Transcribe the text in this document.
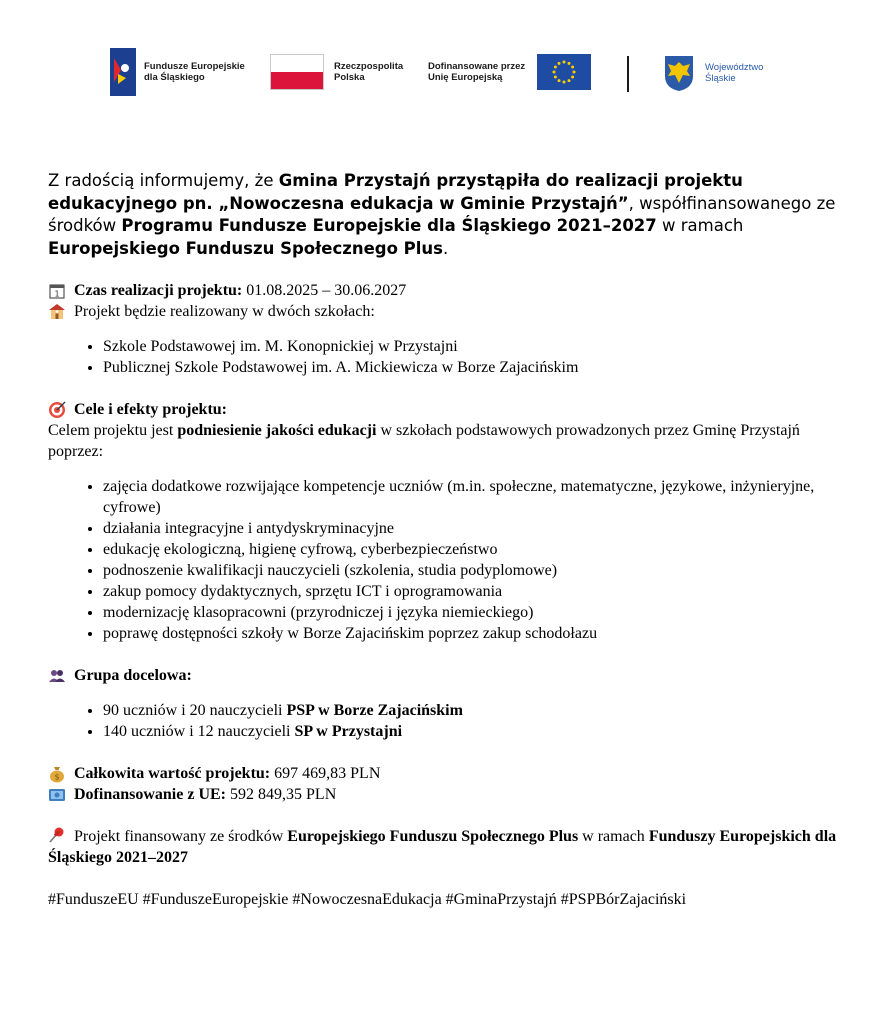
Fundusze Europejskie
dla Śląskiego
Rzeczpospolita
Polska
Dofinansowane przez
Unię Europejską
Województwo
Śląskie

Z radością informujemy, że Gmina Przystajń przystąpiła do realizacji projektu edukacyjnego pn. „Nowoczesna edukacja w Gminie Przystajń”, współfinansowanego ze środków Programu Fundusze Europejskie dla Śląskiego 2021–2027 w ramach Europejskiego Funduszu Społecznego Plus.

1 Czas realizacji projektu: 01.08.2025 – 30.06.2027

Projekt będzie realizowany w dwóch szkołach:

• Szkole Podstawowej im. M. Konopnickiej w Przystajni
• Publicznej Szkole Podstawowej im. A. Mickiewicza w Borze Zajacińskim

Cele i efekty projektu:

Celem projektu jest podniesienie jakości edukacji w szkołach podstawowych prowadzonych przez Gminę Przystajń poprzez:

• zajęcia dodatkowe rozwijające kompetencje uczniów (m.in. społeczne, matematyczne, językowe, inżynieryjne, cyfrowe)
• działania integracyjne i antydyskryminacyjne
• edukację ekologiczną, higienę cyfrową, cyberbezpieczeństwo
• podnoszenie kwalifikacji nauczycieli (szkolenia, studia podyplomowe)
• zakup pomocy dydaktycznych, sprzętu ICT i oprogramowania
• modernizację klasopracowni (przyrodniczej i języka niemieckiego)
• poprawę dostępności szkoły w Borze Zajacińskim poprzez zakup schodołazu

Grupa docelowa:

• 90 uczniów i 20 nauczycieli PSP w Borze Zajacińskim
• 140 uczniów i 12 nauczycieli SP w Przystajni

$ Całkowita wartość projektu: 697 469,83 PLN

Dofinansowanie z UE: 592 849,35 PLN

Projekt finansowany ze środków Europejskiego Funduszu Społecznego Plus w ramach Funduszy Europejskich dla Śląskiego 2021–2027

#FunduszeEU #FunduszeEuropejskie #NowoczesnaEdukacja #GminaPrzystajń #PSPBórZajaciński
